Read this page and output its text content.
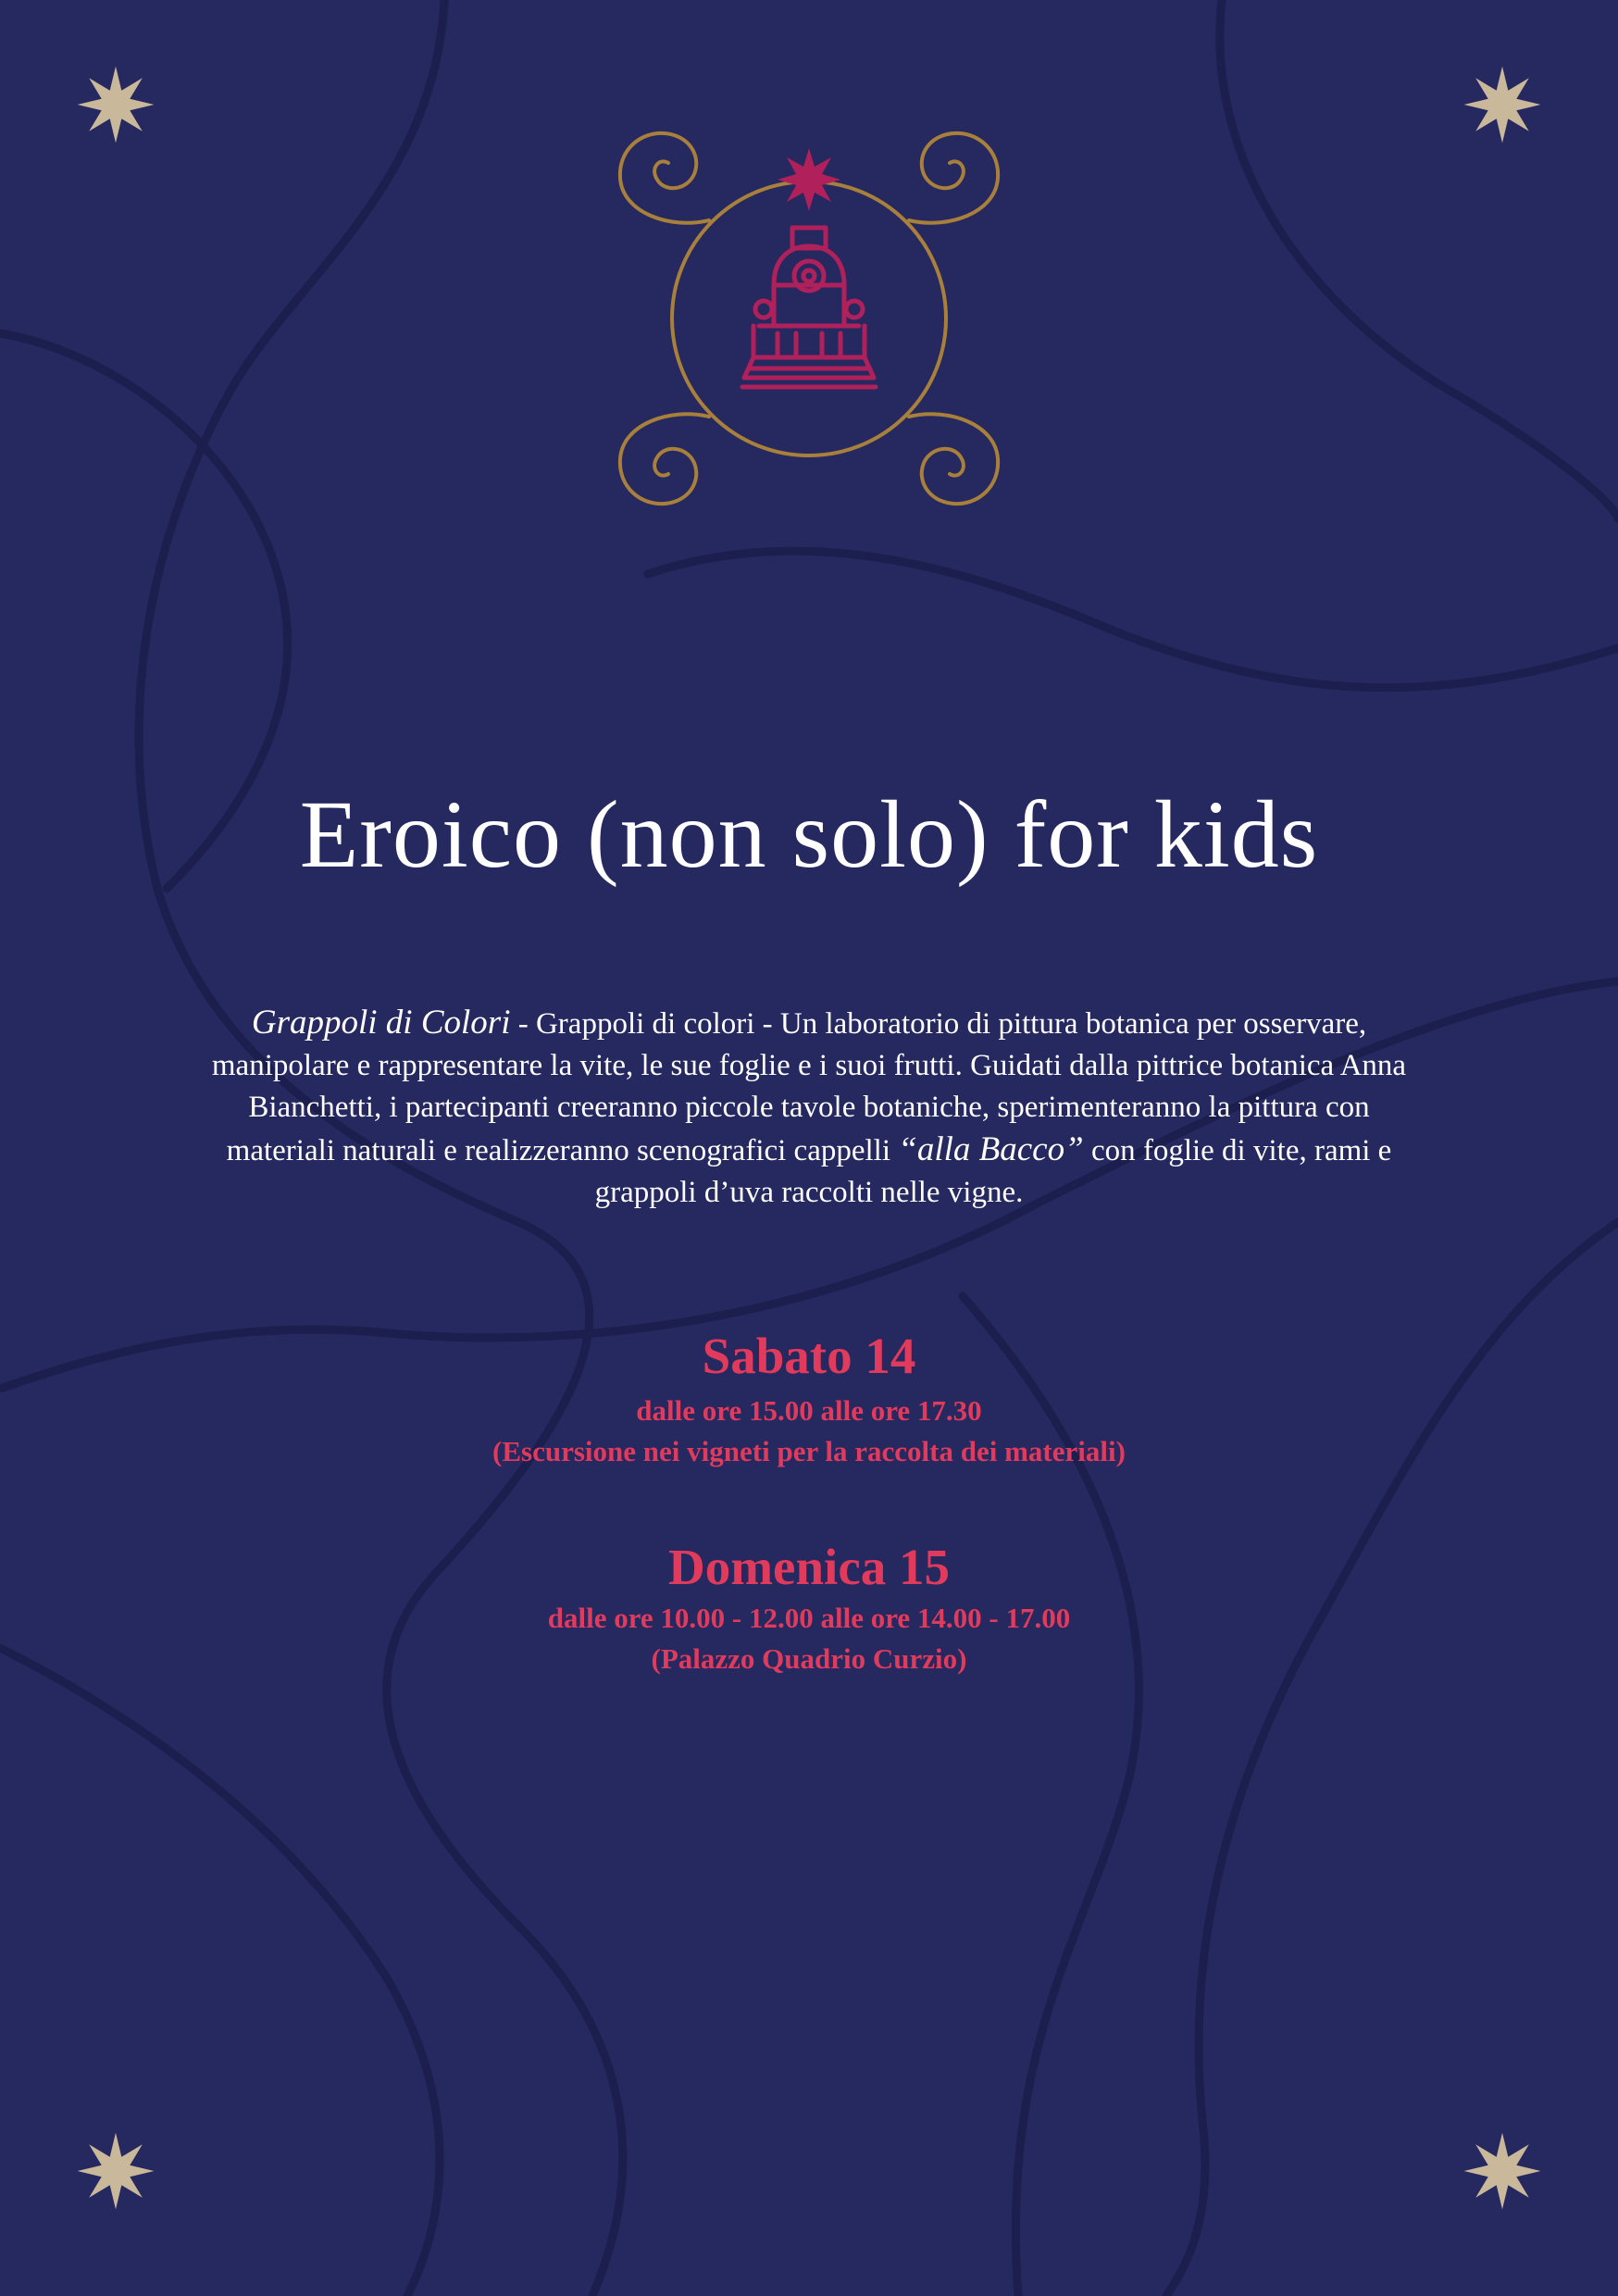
Eroico (non solo) for kids

Grappoli di Colori - Grappoli di colori - Un laboratorio di pittura botanica per osservare, manipolare e rappresentare la vite, le sue foglie e i suoi frutti. Guidati dalla pittrice botanica Anna Bianchetti, i partecipanti creeranno piccole tavole botaniche, sperimenteranno la pittura con materiali naturali e realizzeranno scenografici cappelli “alla Bacco” con foglie di vite, rami e grappoli d’uva raccolti nelle vigne.

Sabato 14
dalle ore 15.00 alle ore 17.30
(Escursione nei vigneti per la raccolta dei materiali)
Domenica 15
dalle ore 10.00 - 12.00 alle ore 14.00 - 17.00
(Palazzo Quadrio Curzio)
